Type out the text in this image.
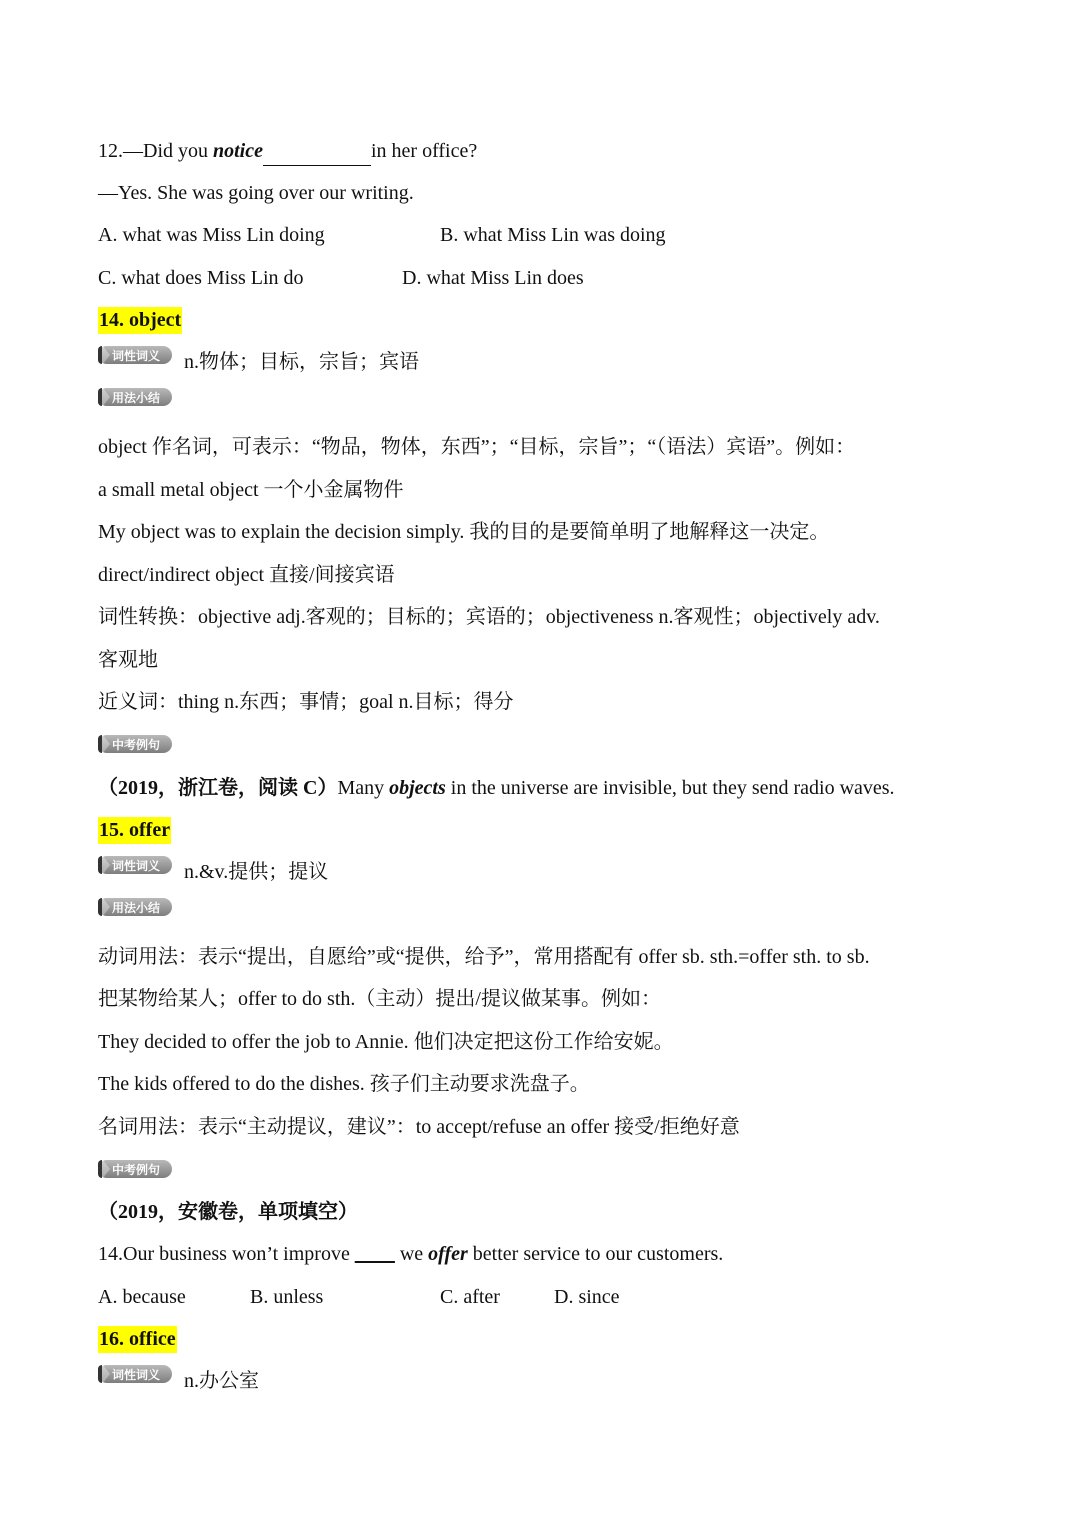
12.—Did you notice	in her office?
—Yes. She was going over our writing.
A. what was Miss Lin doing	B. what Miss Lin was doing
C. what does Miss Lin do	D. what Miss Lin does
14. object
词性词义	n.物体；目标，宗旨；宾语
用法小结
object 作名词，可表示：“物品，物体，东西”；“目标，宗旨”；“（语法）宾语”。例如：
a small metal object 一个小金属物件
My object was to explain the decision simply. 我的目的是要简单明了地解释这一决定。
direct/indirect object 直接/间接宾语
词性转换：objective adj.客观的；目标的；宾语的；objectiveness n.客观性；objectively adv.
客观地
近义词：thing n.东西；事情；goal n.目标；得分
中考例句
（2019，浙江卷，阅读 C）Many objects in the universe are invisible, but they send radio waves.
15. offer
词性词义	n.&v.提供；提议
用法小结
动词用法：表示“提出，自愿给”或“提供，给予”，常用搭配有 offer sb. sth.=offer sth. to sb.
把某物给某人；offer to do sth.（主动）提出/提议做某事。例如：
They decided to offer the job to Annie. 他们决定把这份工作给安妮。
The kids offered to do the dishes. 孩子们主动要求洗盘子。
名词用法：表示“主动提议，建议”：to accept/refuse an offer 接受/拒绝好意
中考例句
（2019，安徽卷，单项填空）
14.Our business won’t improve ____ we offer better service to our customers.
A. because	B. unless	C. after	D. since
16. office
词性词义	n.办公室
